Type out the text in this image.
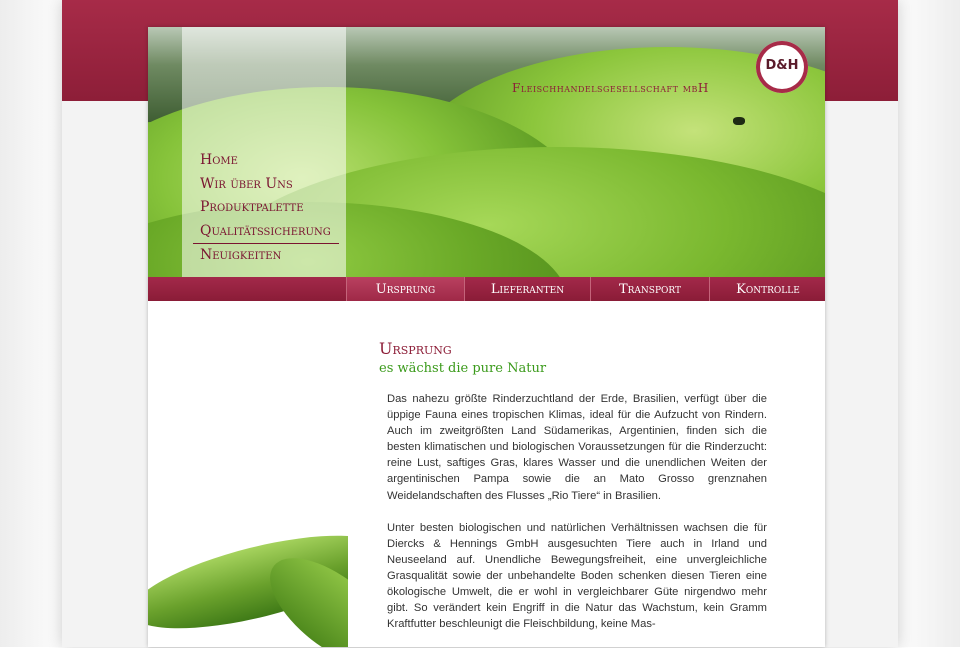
Home
Wir über Uns
Produktpalette
Qualitätssicherung
Neuigkeiten
Fleischhandelsgesellschaft mbH
D&H
Ursprung	Lieferanten	Transport	Kontrolle
Ursprung
es wächst die pure Natur

Das nahezu größte Rinderzuchtland der Erde, Brasilien, verfügt über die üppige Fauna eines tropischen Klimas, ideal für die Aufzucht von Rindern. Auch im zweitgrößten Land Südamerikas, Argentinien, finden sich die besten klimatischen und biologischen Voraussetzungen für die Rinderzucht: reine Lust, saftiges Gras, klares Wasser und die unendlichen Weiten der argentinischen Pampa sowie die an Mato Grosso grenznahen Weidelandschaften des Flusses „Rio Tiere“ in Brasilien.

Unter besten biologischen und natürlichen Verhältnissen wachsen die für Diercks & Hennings GmbH ausgesuchten Tiere auch in Irland und Neuseeland auf. Unendliche Bewegungsfreiheit, eine unvergleichliche Grasqualität sowie der unbehandelte Boden schenken diesen Tieren eine ökologische Umwelt, die er wohl in vergleichbarer Güte nirgendwo mehr gibt. So verändert kein Engriff in die Natur das Wachstum, kein Gramm Kraftfutter beschleunigt die Fleischbildung, keine Mas-
